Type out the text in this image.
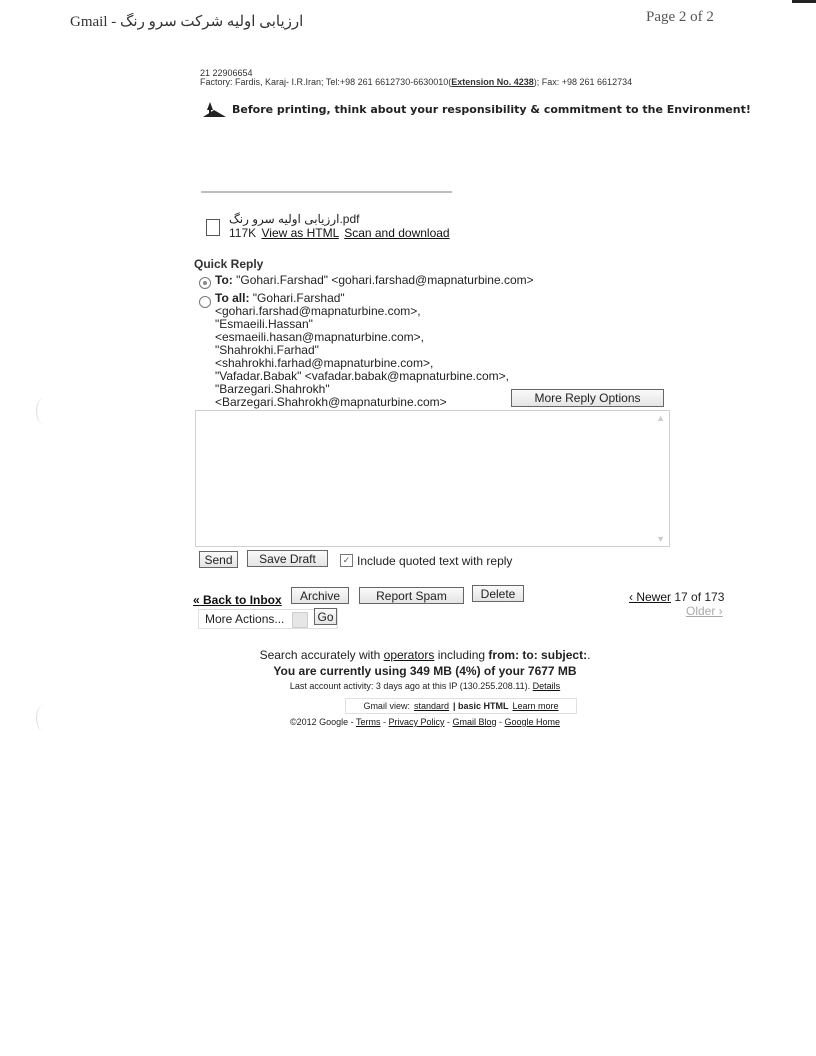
Gmail - ارزیابی اولیه شرکت سرو رنگ	Page 2 of 2
21 22906654
Factory: Fardis, Karaj- I.R.Iran; Tel:+98 261 6612730-6630010(Extension No. 4238); Fax: +98 261 6612734
Before printing, think about your responsibility & commitment to the Environment!
ارزیابی اولیه سرو رنگ.pdf
117K View as HTML Scan and download
Quick Reply
To: "Gohari.Farshad" <gohari.farshad@mapnaturbine.com>
To all: "Gohari.Farshad"
<gohari.farshad@mapnaturbine.com>,
"Esmaeili.Hassan"
<esmaeili.hasan@mapnaturbine.com>,
"Shahrokhi.Farhad"
<shahrokhi.farhad@mapnaturbine.com>,
"Vafadar.Babak" <vafadar.babak@mapnaturbine.com>,
"Barzegari.Shahrokh"
<Barzegari.Shahrokh@mapnaturbine.com>	More Reply Options
▲
▼
Send	Save Draft	✓ Include quoted text with reply
« Back to Inbox	Archive	Report Spam	Delete	‹ Newer 17 of 173
Older ›
More Actions...	Go
Search accurately with operators including from: to: subject:.
You are currently using 349 MB (4%) of your 7677 MB
Last account activity: 3 days ago at this IP (130.255.208.11). Details
Gmail view: standard | basic HTML Learn more
©2012 Google - Terms - Privacy Policy - Gmail Blog - Google Home
